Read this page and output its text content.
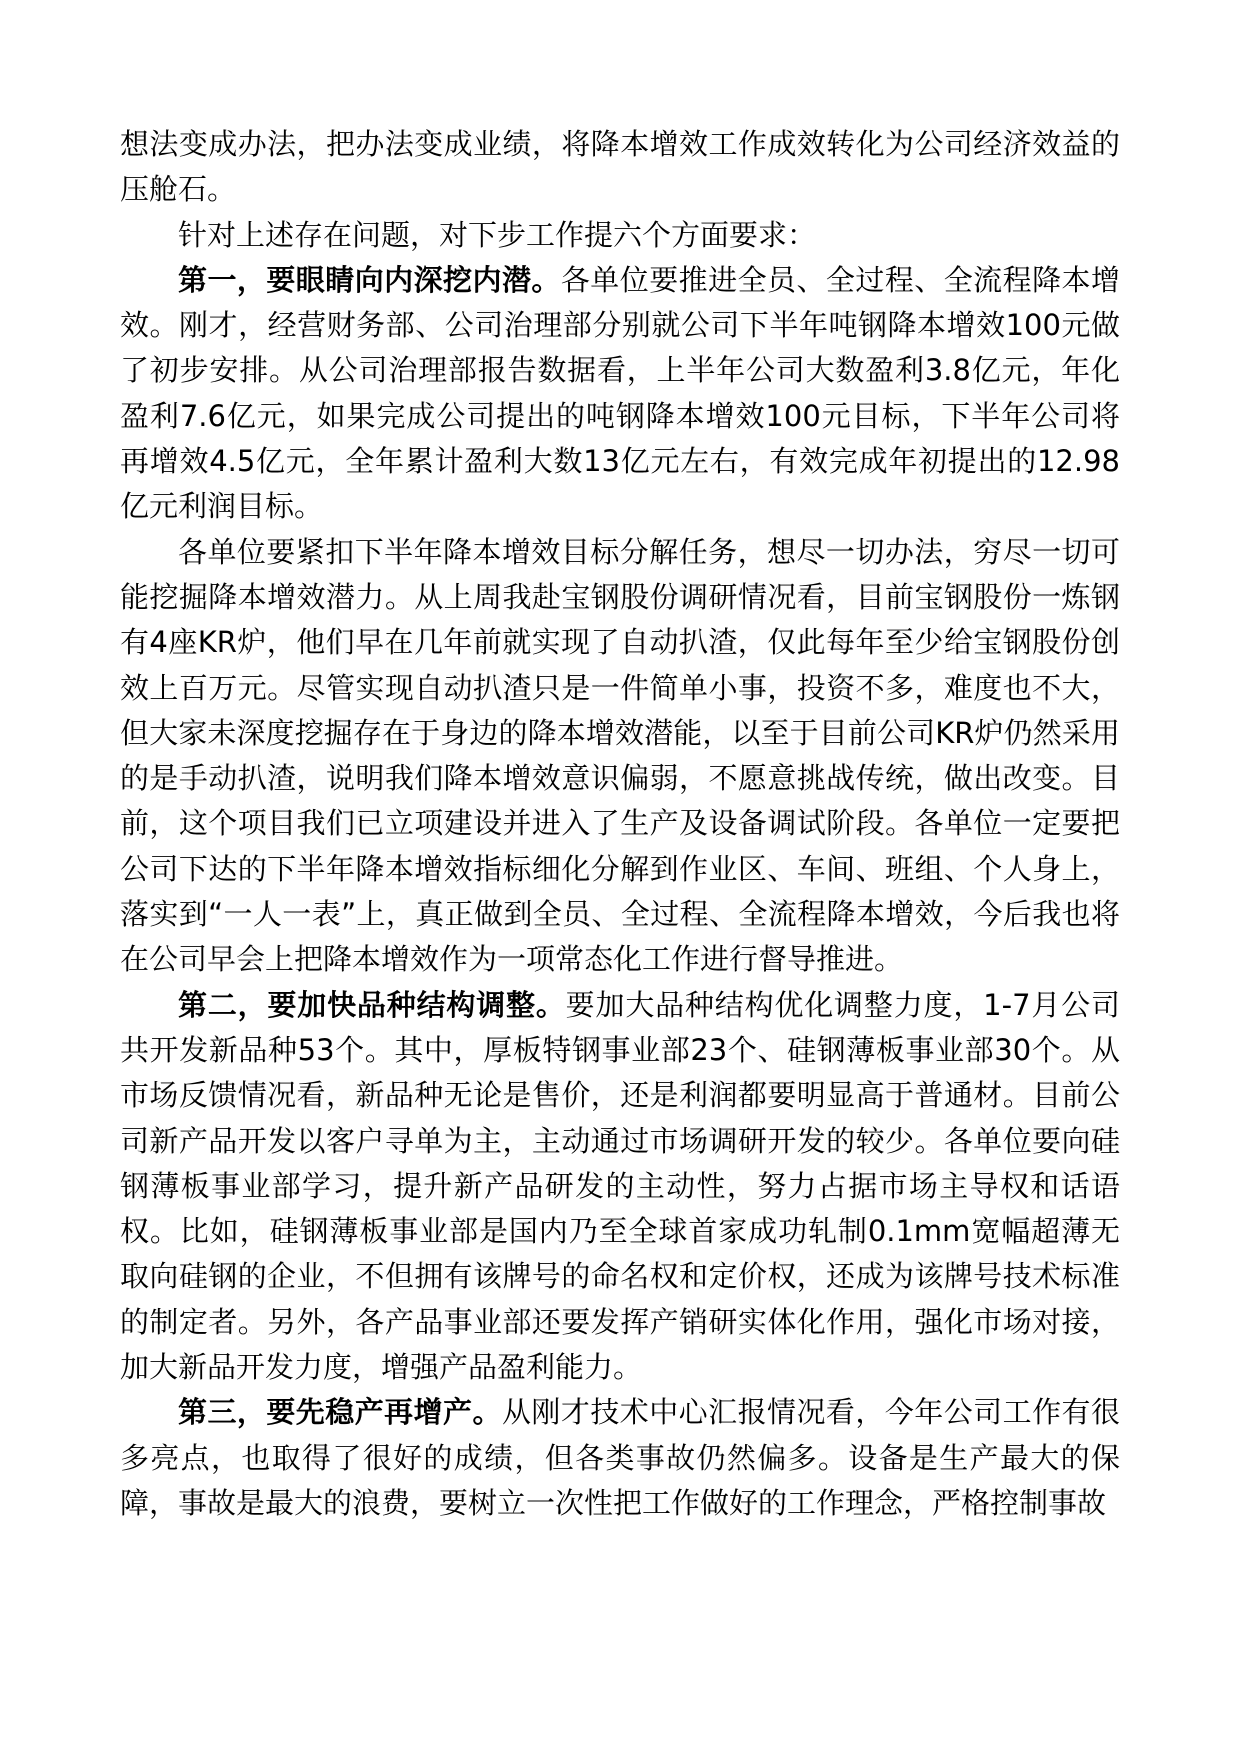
想法变成办法，把办法变成业绩，将降本增效工作成效转化为公司经济效益的压舱石。

针对上述存在问题，对下步工作提六个方面要求：

第一，要眼睛向内深挖内潜。各单位要推进全员、全过程、全流程降本增效。刚才，经营财务部、公司治理部分别就公司下半年吨钢降本增效100元做了初步安排。从公司治理部报告数据看，上半年公司大数盈利3.8亿元，年化盈利7.6亿元，如果完成公司提出的吨钢降本增效100元目标，下半年公司将再增效4.5亿元，全年累计盈利大数13亿元左右，有效完成年初提出的12.98亿元利润目标。

各单位要紧扣下半年降本增效目标分解任务，想尽一切办法，穷尽一切可能挖掘降本增效潜力。从上周我赴宝钢股份调研情况看，目前宝钢股份一炼钢有4座KR炉，他们早在几年前就实现了自动扒渣，仅此每年至少给宝钢股份创效上百万元。尽管实现自动扒渣只是一件简单小事，投资不多，难度也不大，但大家未深度挖掘存在于身边的降本增效潜能，以至于目前公司KR炉仍然采用的是手动扒渣，说明我们降本增效意识偏弱，不愿意挑战传统，做出改变。目前，这个项目我们已立项建设并进入了生产及设备调试阶段。各单位一定要把公司下达的下半年降本增效指标细化分解到作业区、车间、班组、个人身上，落实到“一人一表”上，真正做到全员、全过程、全流程降本增效，今后我也将在公司早会上把降本增效作为一项常态化工作进行督导推进。

第二，要加快品种结构调整。要加大品种结构优化调整力度，1-7月公司共开发新品种53个。其中，厚板特钢事业部23个、硅钢薄板事业部30个。从市场反馈情况看，新品种无论是售价，还是利润都要明显高于普通材。目前公司新产品开发以客户寻单为主，主动通过市场调研开发的较少。各单位要向硅钢薄板事业部学习，提升新产品研发的主动性，努力占据市场主导权和话语权。比如，硅钢薄板事业部是国内乃至全球首家成功轧制0.1mm宽幅超薄无取向硅钢的企业，不但拥有该牌号的命名权和定价权，还成为该牌号技术标准的制定者。另外，各产品事业部还要发挥产销研实体化作用，强化市场对接，加大新品开发力度，增强产品盈利能力。

第三，要先稳产再增产。从刚才技术中心汇报情况看，今年公司工作有很多亮点，也取得了很好的成绩，但各类事故仍然偏多。设备是生产最大的保障，事故是最大的浪费，要树立一次性把工作做好的工作理念，严格控制事故
